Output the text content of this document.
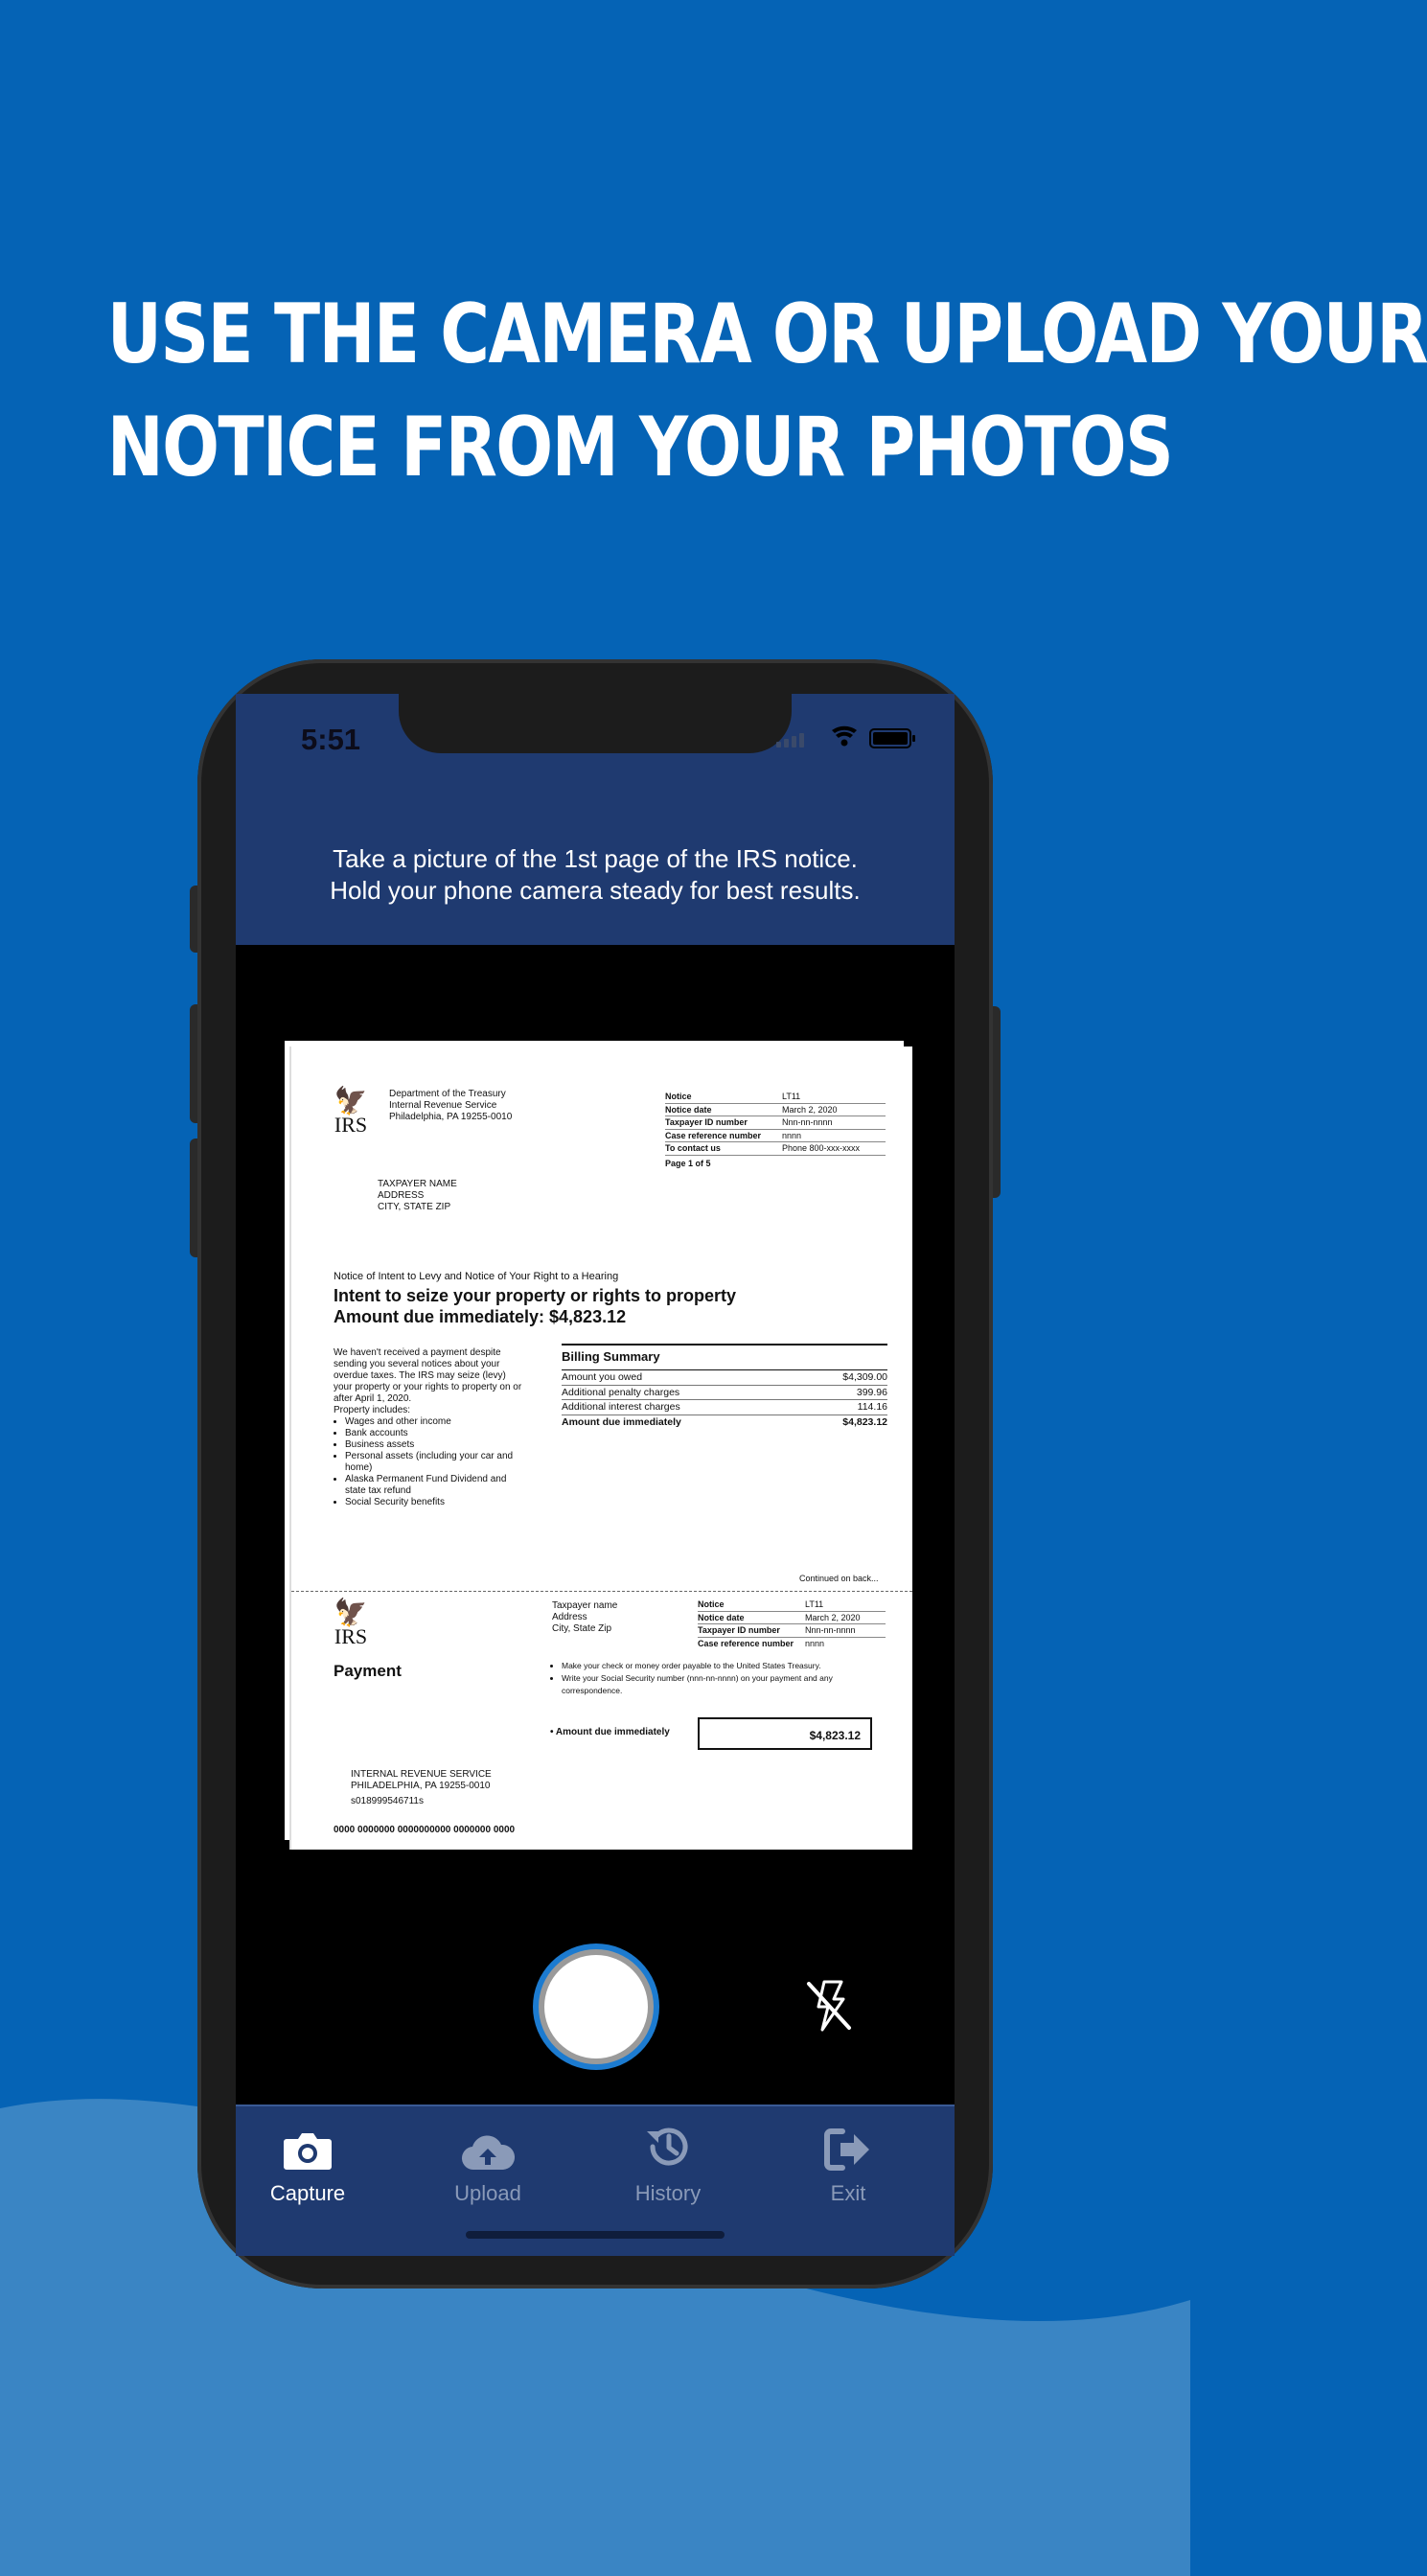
USE THE CAMERA OR UPLOAD YOUR
NOTICE FROM YOUR PHOTOS
5:51
Take a picture of the 1st page of the IRS notice.
Hold your phone camera steady for best results.
🦅
IRS
Department of the Treasury
Internal Revenue Service
Philadelphia, PA 19255-0010
Notice	LT11
Notice date	March 2, 2020
Taxpayer ID number	Nnn-nn-nnnn
Case reference number	nnnn
To contact us	Phone 800-xxx-xxxx
Page 1 of 5
TAXPAYER NAME
ADDRESS
CITY, STATE ZIP
Notice of Intent to Levy and Notice of Your Right to a Hearing
Intent to seize your property or rights to property
Amount due immediately: $4,823.12
We haven't received a payment despite sending you several notices about your overdue taxes. The IRS may seize (levy) your property or your rights to property on or after April 1, 2020.
Property includes:
• Wages and other income
• Bank accounts
• Business assets
• Personal assets (including your car and home)
• Alaska Permanent Fund Dividend and state tax refund
• Social Security benefits
Billing Summary
Amount you owed	$4,309.00
Additional penalty charges	399.96
Additional interest charges	114.16
Amount due immediately	$4,823.12
Continued on back...
🦅
IRS
Taxpayer name
Address
City, State Zip
Notice	LT11
Notice date	March 2, 2020
Taxpayer ID number	Nnn-nn-nnnn
Case reference number	nnnn
Payment
•	Make your check or money order payable to the United States Treasury.
• Write your Social Security number (nnn-nn-nnnn) on your payment and any correspondence.
• Amount due immediately	$4,823.12
INTERNAL REVENUE SERVICE
PHILADELPHIA, PA 19255-0010
s018999546711s
0000 0000000 0000000000 0000000 0000
Capture	Upload	History	Exit
